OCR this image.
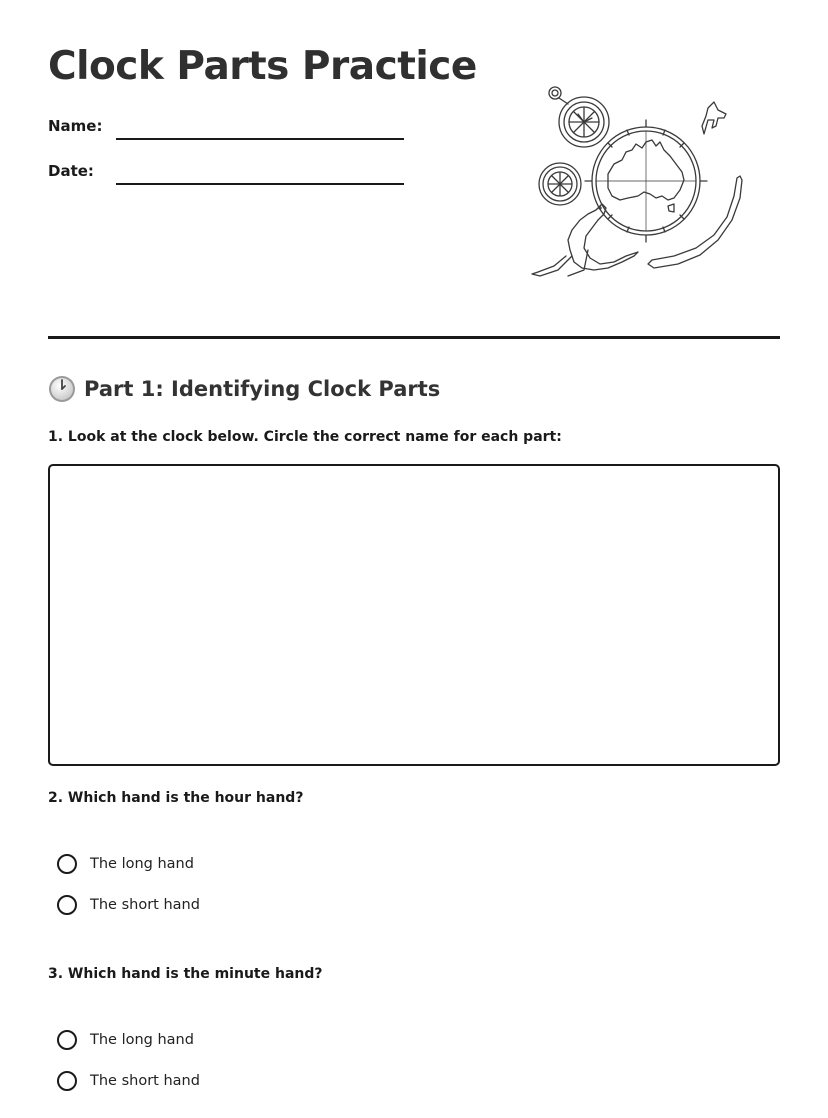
Clock Parts Practice
Name:
Date:
Part 1: Identifying Clock Parts
1. Look at the clock below. Circle the correct name for each part:
2. Which hand is the hour hand?
The long hand
The short hand
3. Which hand is the minute hand?
The long hand
The short hand
